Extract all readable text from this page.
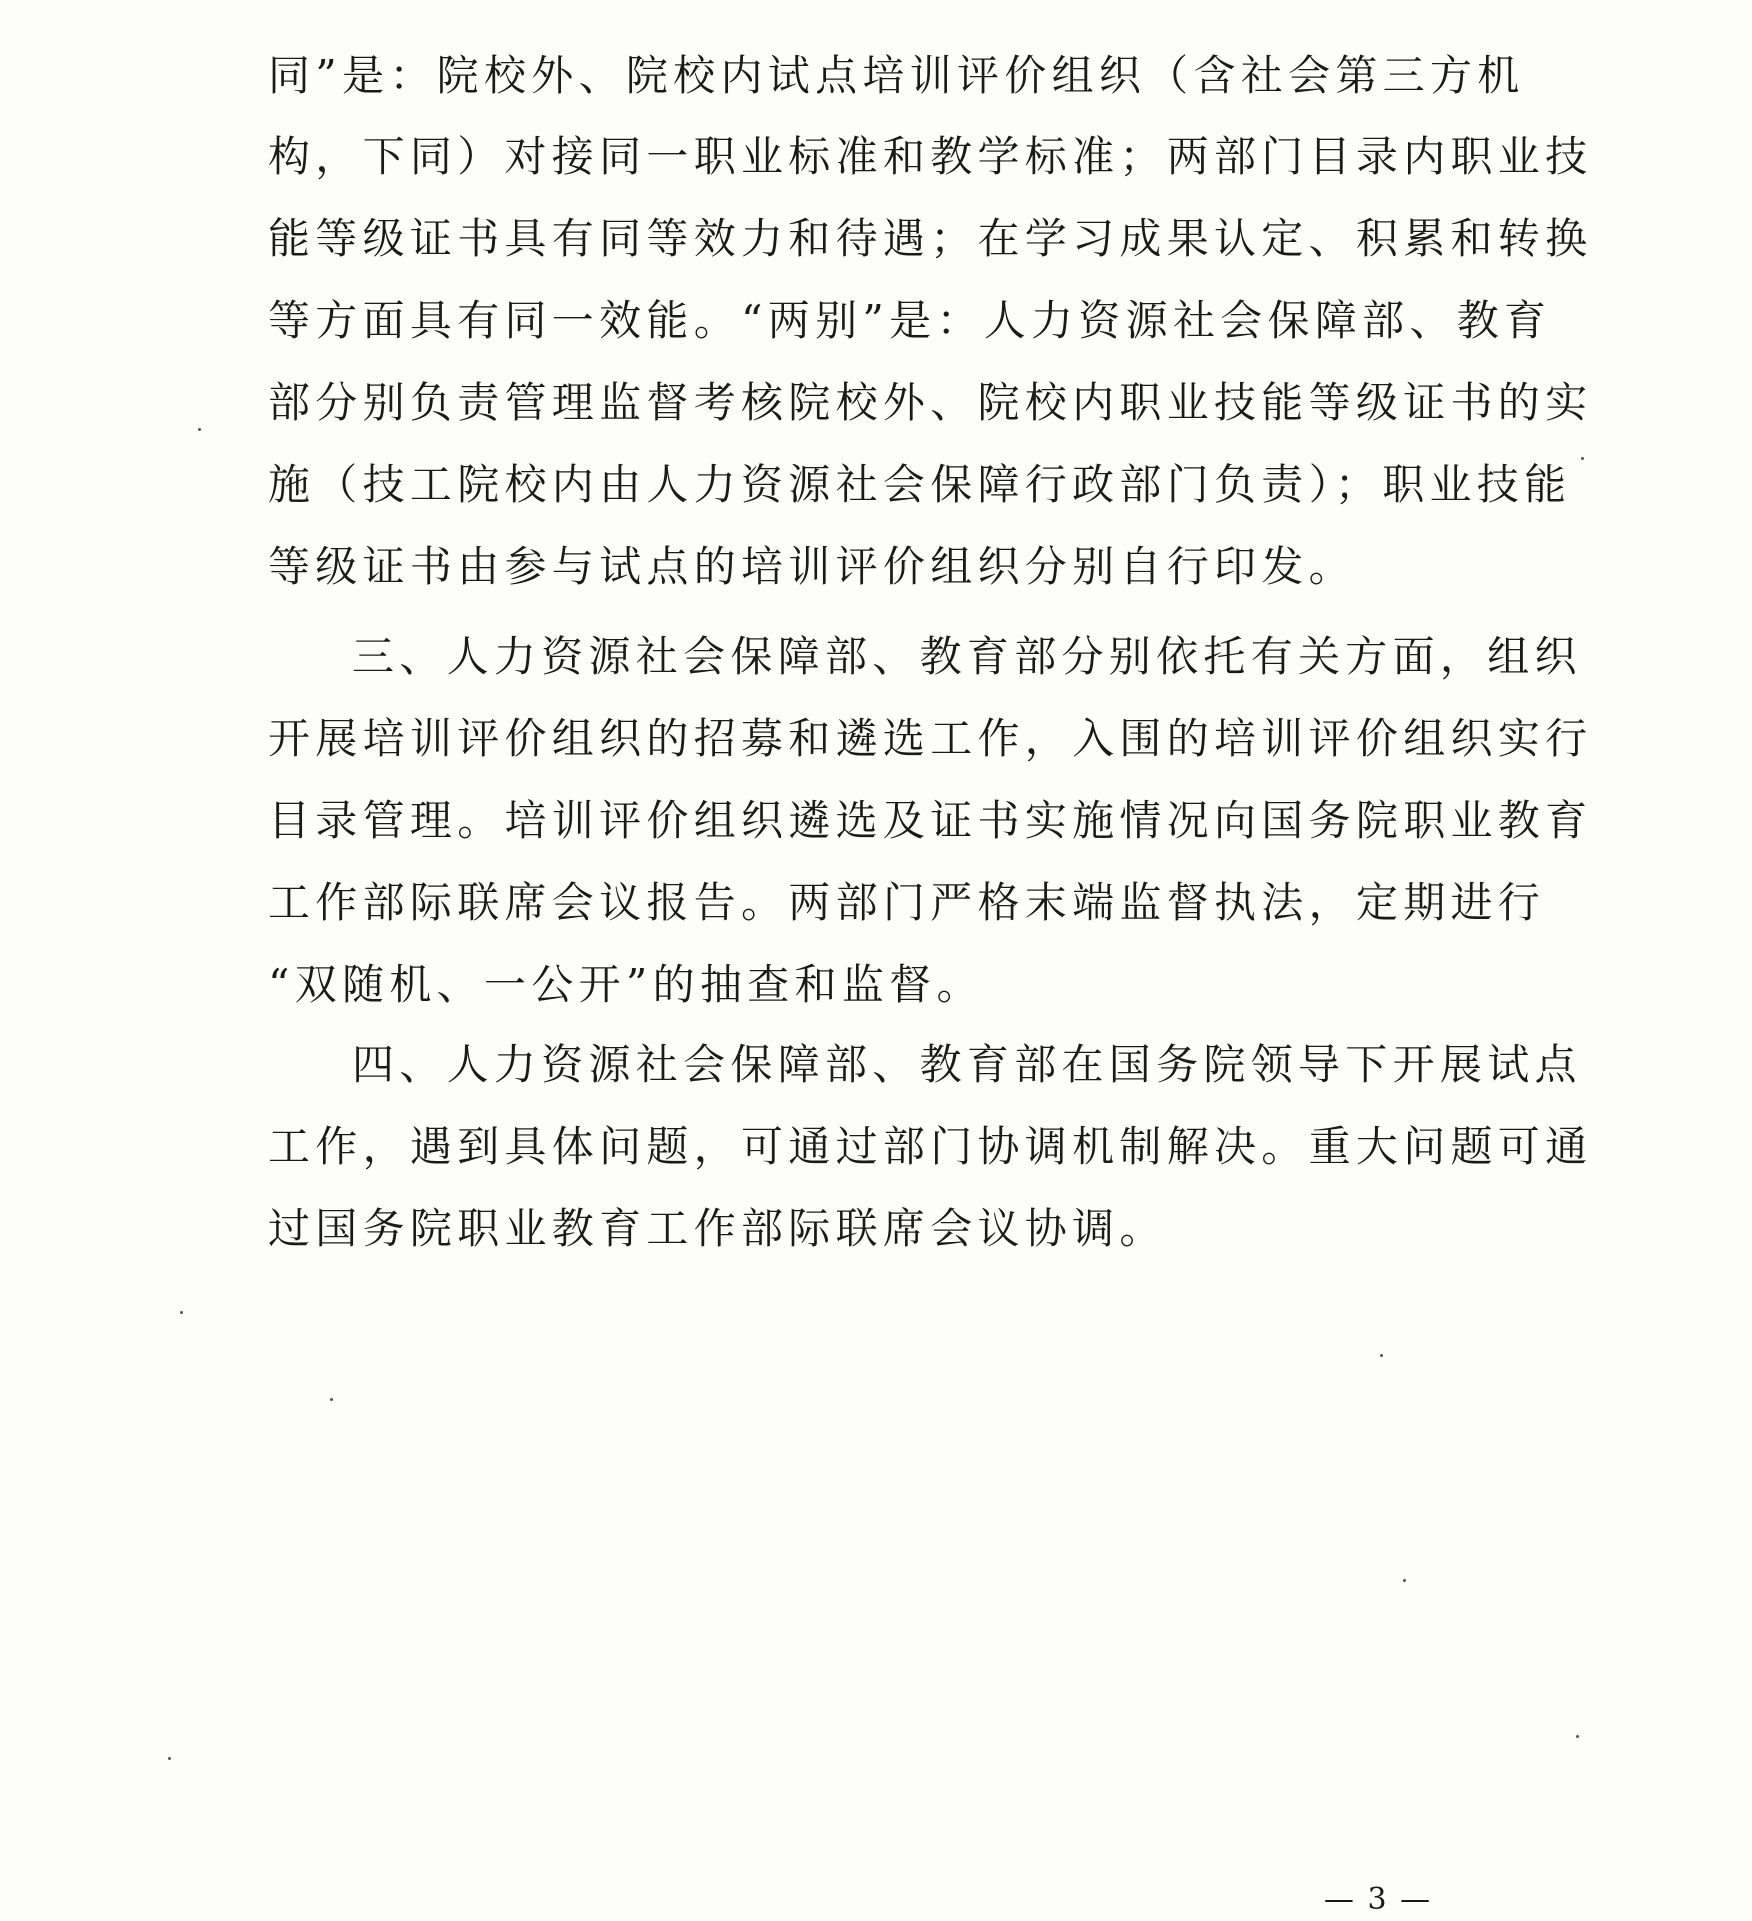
同”是：院校外、院校内试点培训评价组织（含社会第三方机
构，下同）对接同一职业标准和教学标准；两部门目录内职业技
能等级证书具有同等效力和待遇；在学习成果认定、积累和转换
等方面具有同一效能。“两别”是：人力资源社会保障部、教育
部分别负责管理监督考核院校外、院校内职业技能等级证书的实
施（技工院校内由人力资源社会保障行政部门负责）；职业技能
等级证书由参与试点的培训评价组织分别自行印发。
三、人力资源社会保障部、教育部分别依托有关方面，组织
开展培训评价组织的招募和遴选工作，入围的培训评价组织实行
目录管理。培训评价组织遴选及证书实施情况向国务院职业教育
工作部际联席会议报告。两部门严格末端监督执法，定期进行
“双随机、一公开”的抽查和监督。
四、人力资源社会保障部、教育部在国务院领导下开展试点
工作，遇到具体问题，可通过部门协调机制解决。重大问题可通
过国务院职业教育工作部际联席会议协调。
— 3 —
